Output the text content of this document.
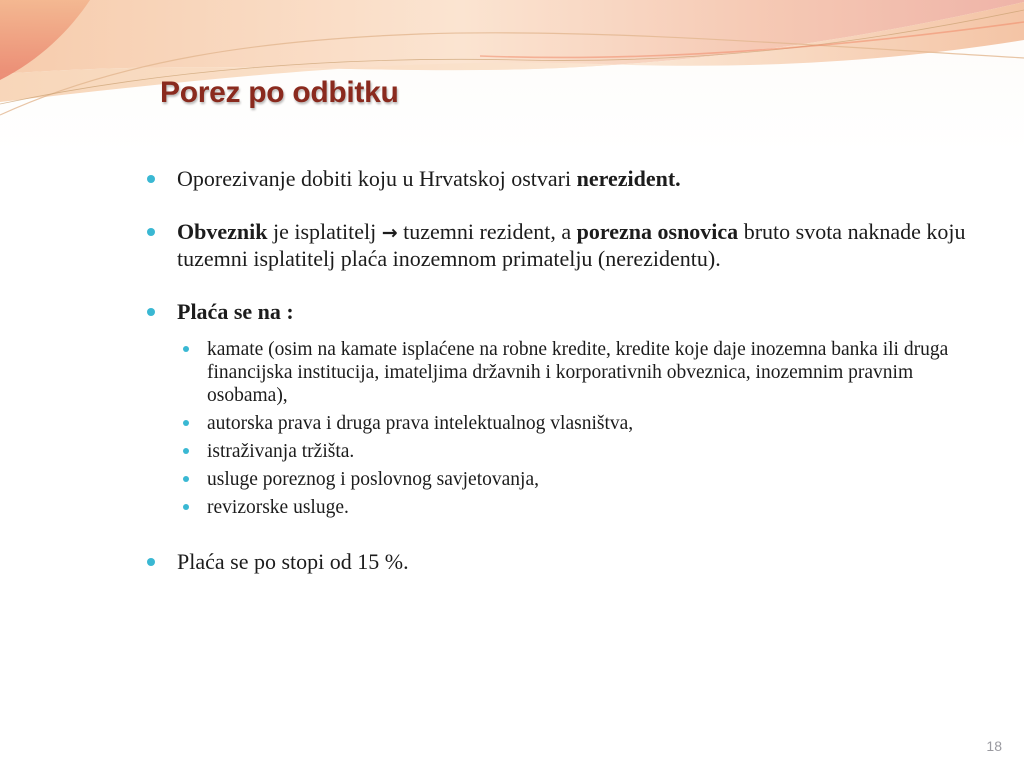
Porez po odbitku

Oporezivanje dobiti koju u Hrvatskoj ostvari nerezident.

Obveznik je isplatitelj → tuzemni rezident, a porezna osnovica bruto svota naknade koju tuzemni isplatitelj plaća inozemnom primatelju (nerezidentu).

Plaća se na :

kamate (osim na kamate isplaćene na robne kredite, kredite koje daje inozemna banka ili druga financijska institucija, imateljima državnih i korporativnih obveznica, inozemnim pravnim osobama),

autorska prava i druga prava intelektualnog vlasništva,

istraživanja tržišta.

usluge poreznog i poslovnog savjetovanja,

revizorske usluge.

Plaća se po stopi od 15 %.

18
